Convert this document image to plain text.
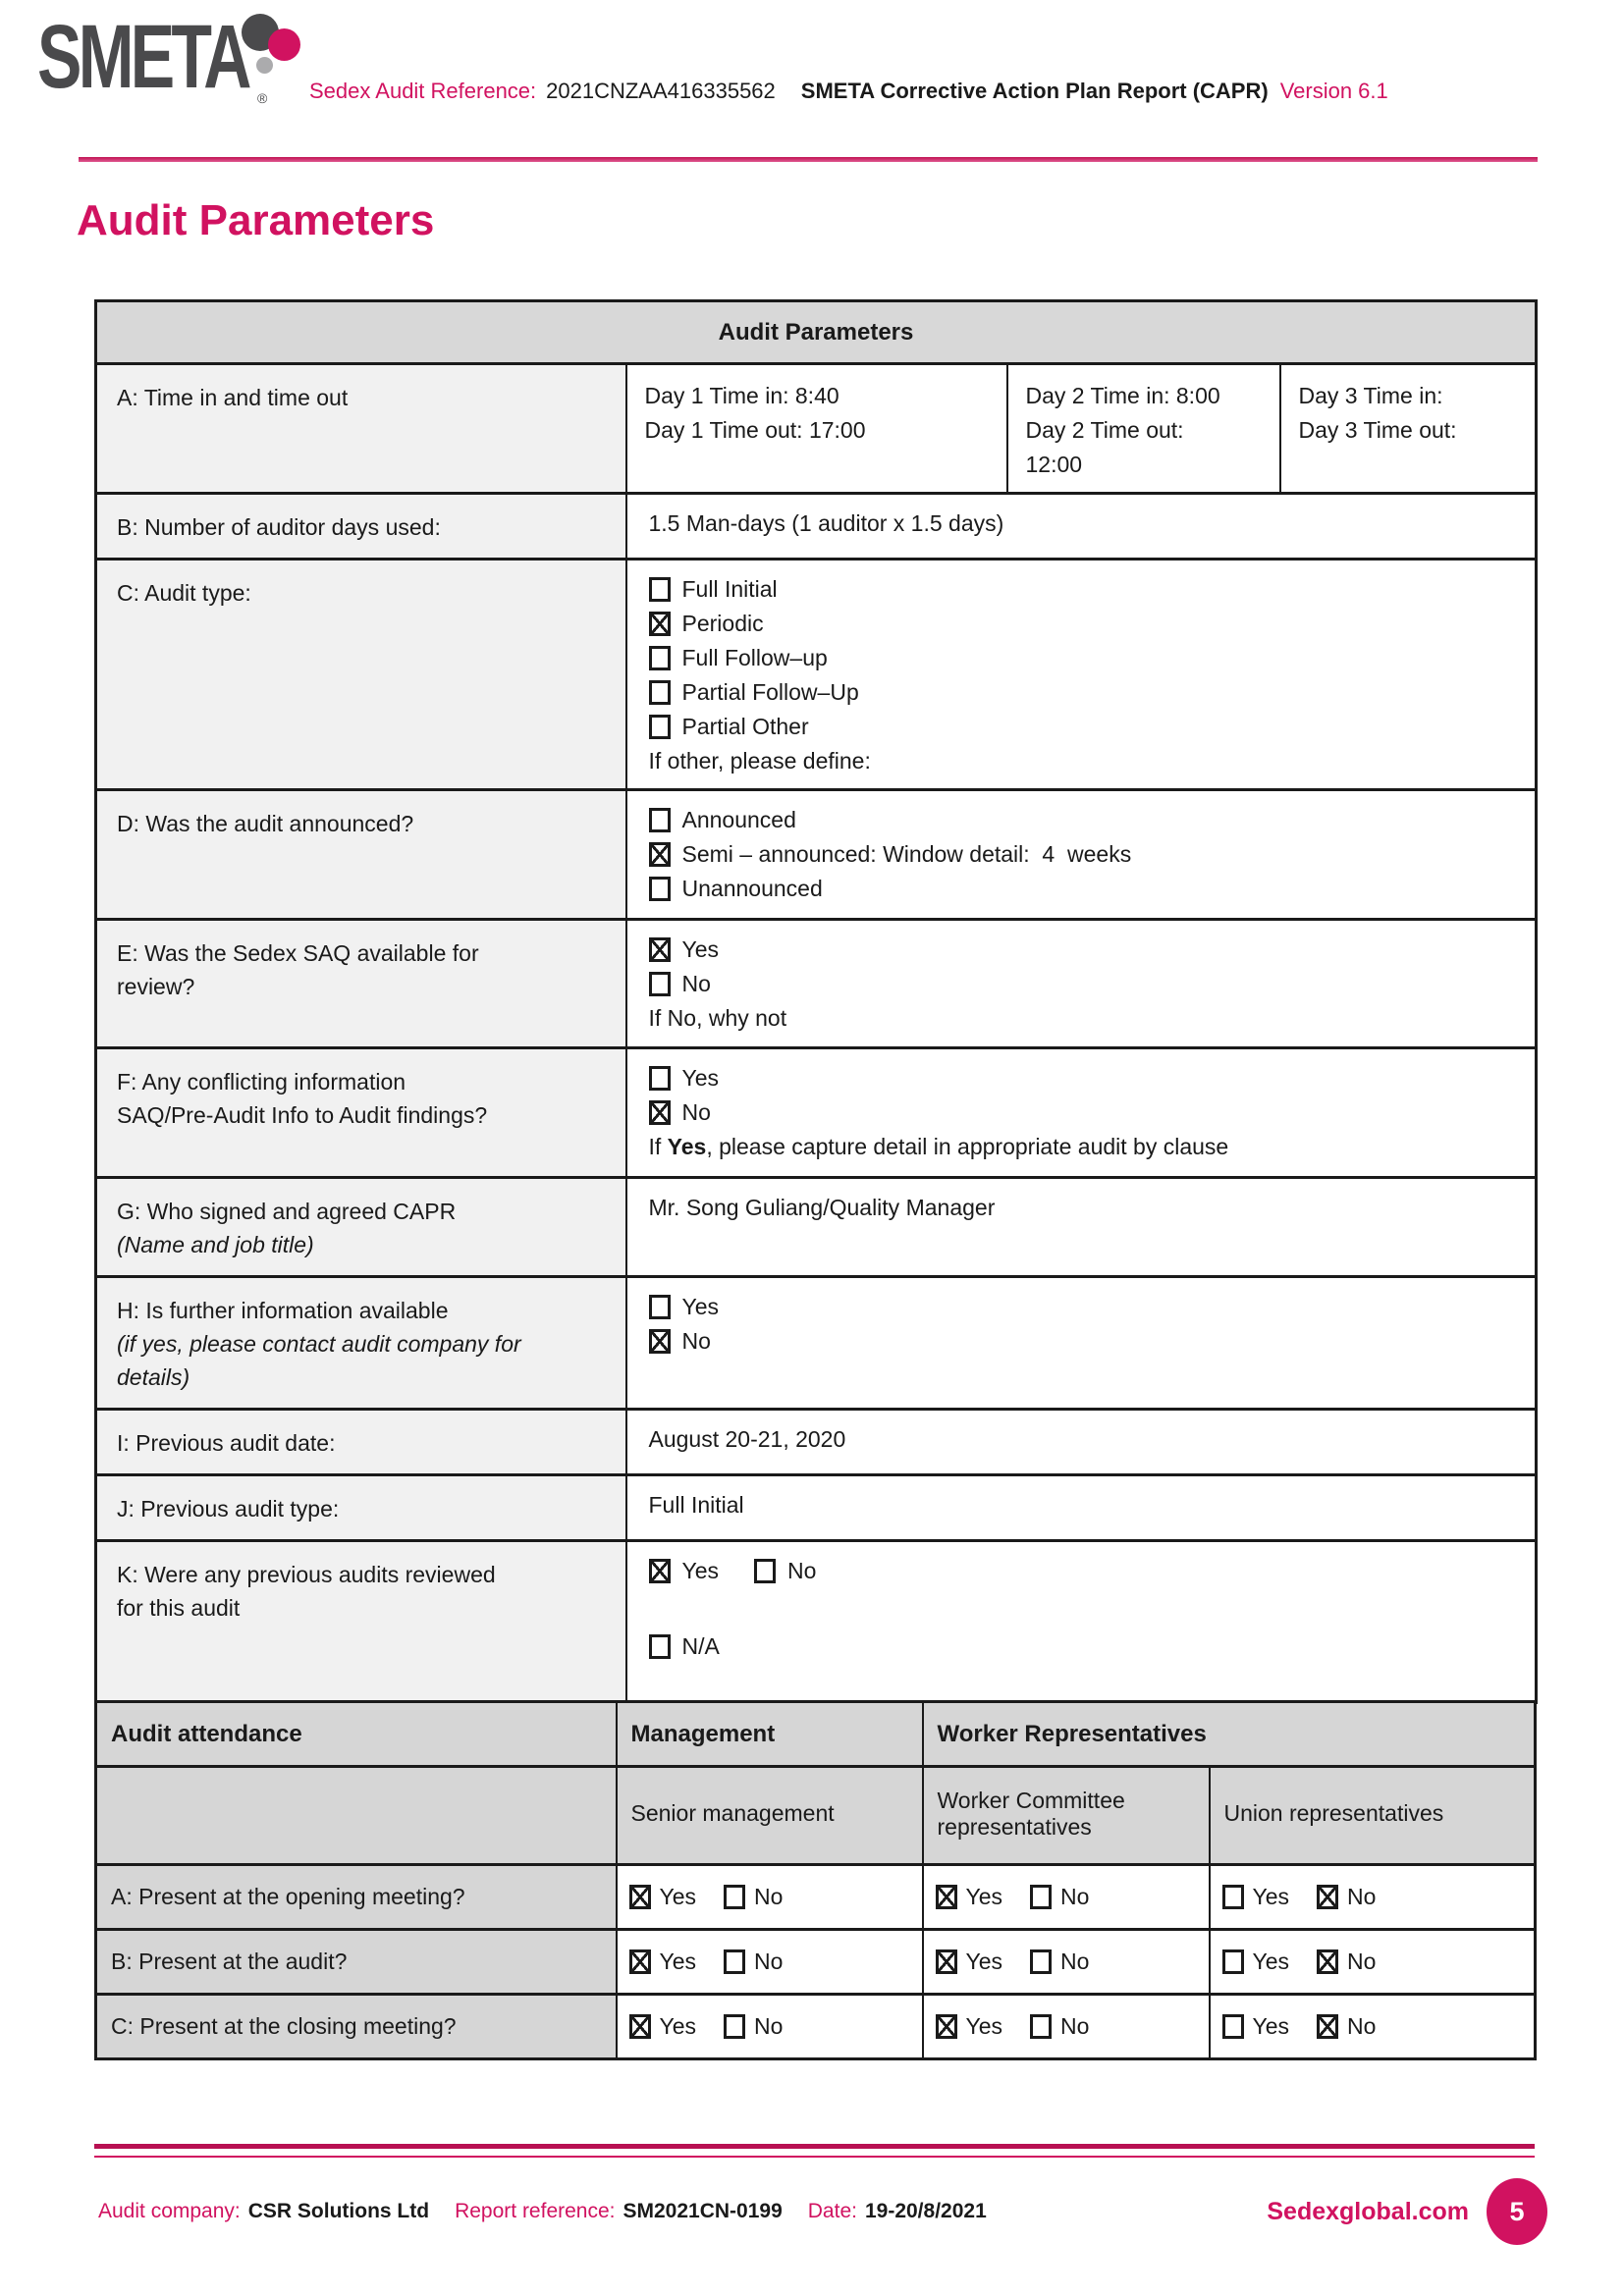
SMETA ® Sedex Audit Reference: 2021CNZAA416335562 SMETA Corrective Action Plan Report (CAPR) Version 6.1
Audit Parameters
Audit Parameters			

A: Time in and time out	Day 1 Time in: 8:40
Day 1 Time out: 17:00

Day 2 Time in: 8:00
Day 2 Time out:
12:00

Day 3 Time in:
Day 3 Time out:

B: Number of auditor days used:	1.5 Man-days (1 auditor x 1.5 days)		

C: Audit type:	Full Initial
Periodic
Full Follow–up
Partial Follow–Up
Partial Other
If other, please define:

D: Was the audit announced?	Announced
Semi – announced: Window detail:  4  weeks
Unannounced		

E: Was the Sedex SAQ available for
review?

Yes
No
If No, why not

F: Any conflicting information
SAQ/Pre-Audit Info to Audit findings?

Yes
No
If Yes, please capture detail in appropriate audit by clause

G: Who signed and agreed CAPR
(Name and job title)	Mr. Song Guliang/Quality Manager		

H: Is further information available
(if yes, please contact audit company for
details)

Yes
No

I: Previous audit date:	August 20-21, 2020		

J: Previous audit type:	Full Initial		

K: Were any previous audits reviewed
for this audit

Yes	No
N/A
Audit attendance	Management	Worker Representatives	
	Senior management	Worker Committee representatives	Union representatives
A: Present at the opening meeting?	Yes No	Yes No	Yes No

B: Present at the audit?	Yes No	Yes No	Yes No

C: Present at the closing meeting?	Yes No	Yes No	Yes No
Audit company: CSR Solutions Ltd Report reference: SM2021CN-0199 Date: 19-20/8/2021	Sedexglobal.com	5
